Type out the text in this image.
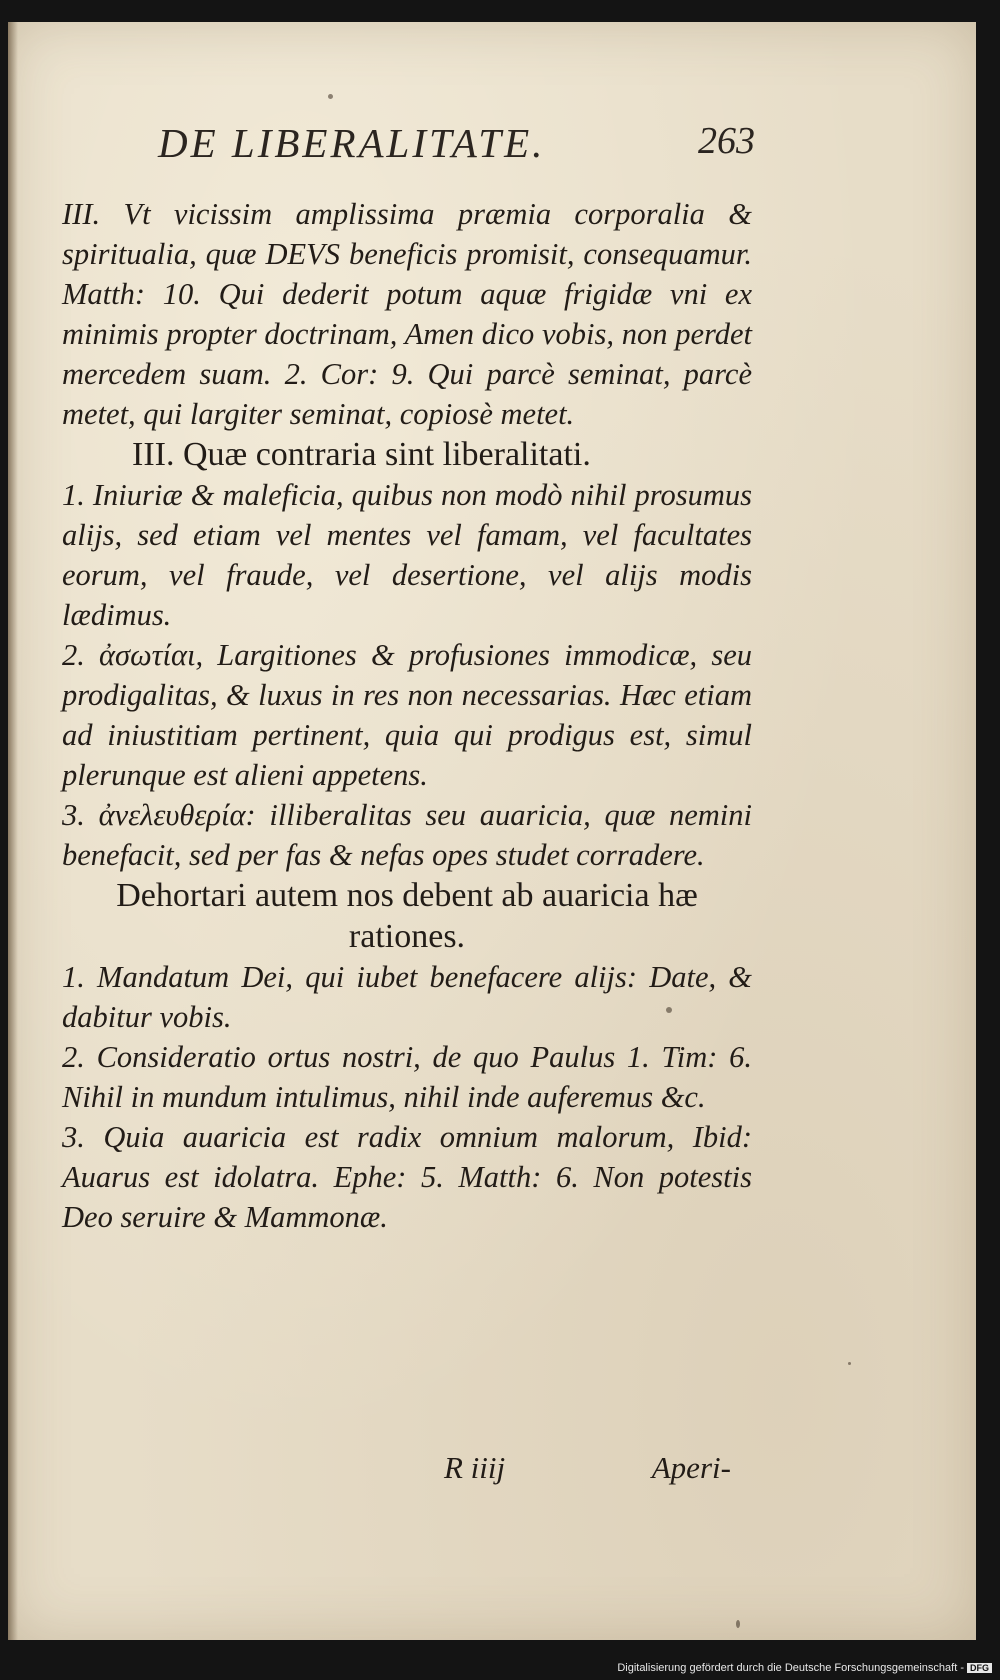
DE LIBERALITATE.	263

III. Vt vicissim amplissima præmia corporalia & spiritualia, quæ DEVS beneficis promisit, consequamur. Matth: 10. Qui dederit potum aquæ frigidæ vni ex minimis propter doctrinam, Amen dico vobis, non perdet mercedem suam. 2. Cor: 9. Qui parcè seminat, parcè metet, qui largiter seminat, copiosè metet.

III. Quæ contraria sint liberalitati.

1. Iniuriæ & maleficia, quibus non modò nihil prosumus alijs, sed etiam vel mentes vel famam, vel facultates eorum, vel fraude, vel desertione, vel alijs modis lædimus.

2. ἀσωτίαι, Largitiones & profusiones immodicæ, seu prodigalitas, & luxus in res non necessarias. Hæc etiam ad iniustitiam pertinent, quia qui prodigus est, simul plerunque est alieni appetens.

3. ἀνελευθερία: illiberalitas seu auaricia, quæ nemini benefacit, sed per fas & nefas opes studet corradere.

Dehortari autem nos debent ab auaricia hæ rationes.

1. Mandatum Dei, qui iubet benefacere alijs: Date, & dabitur vobis.

2. Consideratio ortus nostri, de quo Paulus 1. Tim: 6. Nihil in mundum intulimus, nihil inde auferemus &c.

3. Quia auaricia est radix omnium malorum, Ibid: Auarus est idolatra. Ephe: 5. Matth: 6. Non potestis Deo seruire & Mammonæ.

R iiij	Aperi-
Digitalisierung gefördert durch die Deutsche Forschungsgemeinschaft - DFG
